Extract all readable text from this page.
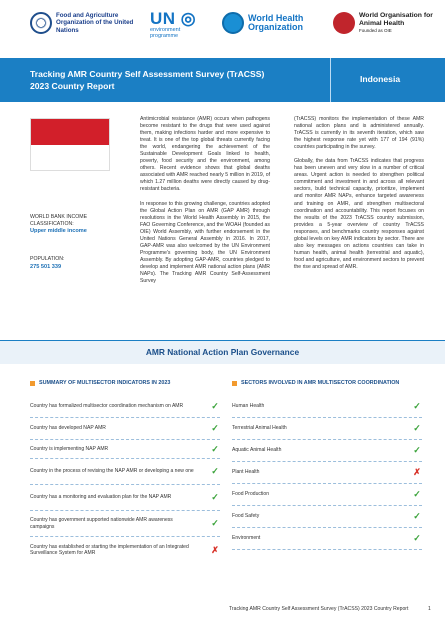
Food and Agriculture Organization of the United Nations
UN ◎
environment programme
World Health Organization
World Organisation for Animal Health
Founded as OIE
Tracking AMR Country Self Assessment Survey (TrACSS)
2023 Country Report
Indonesia
WORLD BANK INCOME
CLASSIFICATION:
Upper middle income
POPULATION:
275 501 339

Antimicrobial resistance (AMR) occurs when pathogens become resistant to the drugs that were used against them, making infections harder and more expensive to treat. It is one of the top global threats currently facing the world, endangering the achievement of the Sustainable Development Goals linked to health, poverty, food security and the environment, among others. Recent evidence shows that global deaths associated with AMR reached nearly 5 million in 2019, of which 1.27 million deaths were directly caused by drug-resistant bacteria.

In response to this growing challenge, countries adopted the Global Action Plan on AMR (GAP AMR) through resolutions in the World Health Assembly in 2015, the FAO Governing Conference, and the WOAH (founded as OIE) World Assembly, with further endorsement in the United Nations General Assembly in 2016. In 2017, GAP-AMR was also welcomed by the UN Environment Programme's governing body, the UN Environment Assembly. By adopting GAP-AMR, countries pledged to develop and implement AMR national action plans (AMR NAPs). The Tracking AMR Country Self-Assessment Survey

(TrACSS) monitors the implementation of these AMR national action plans and is administered annually. TrACSS is currently in its seventh iteration, which saw the highest response rate yet with 177 of 194 (91%) countries participating in the survey.

Globally, the data from TrACSS indicates that progress has been uneven and very slow in a number of critical areas. Urgent action is needed to strengthen political commitment and investment in and across all relevant sectors, build technical capacity, prioritize, implement and monitor AMR NAPs, enhance targeted awareness and training on AMR, and strengthen multisectoral coordination and accountability. This report focuses on the results of the 2023 TrACSS country submission, provides a 5-year overview of country TrACSS responses, and benchmarks country responses against global levels on key AMR indicators by sector. There are also key messages on actions countries can take in human health, animal health (terrestrial and aquatic), food and agriculture, and environment sectors to prevent the rise and spread of AMR.

AMR National Action Plan Governance
SUMMARY OF MULTISECTOR INDICATORS IN 2023
Country has formalized multisector coordination mechanism on AMR	✓
Country has developed NAP AMR	✓
Country is implementing NAP AMR	✓
Country in the process of revising the NAP AMR or developing a new one	✓
Country has a monitoring and evaluation plan for the NAP AMR	✓
Country has government supported nationwide AMR awareness campaigns	✓
Country has established or starting the implementation of an Integrated Surveillance System for AMR	✗
SECTORS INVOLVED IN AMR MULTISECTOR COORDINATION
Human Health	✓
Terrestrial Animal Health	✓
Aquatic Animal Health	✓
Plant Health	✗
Food Production	✓
Food Safety	✓
Environment	✓
Tracking AMR Country Self Assessment Survey (TrACSS) 2023 Country Report	1
